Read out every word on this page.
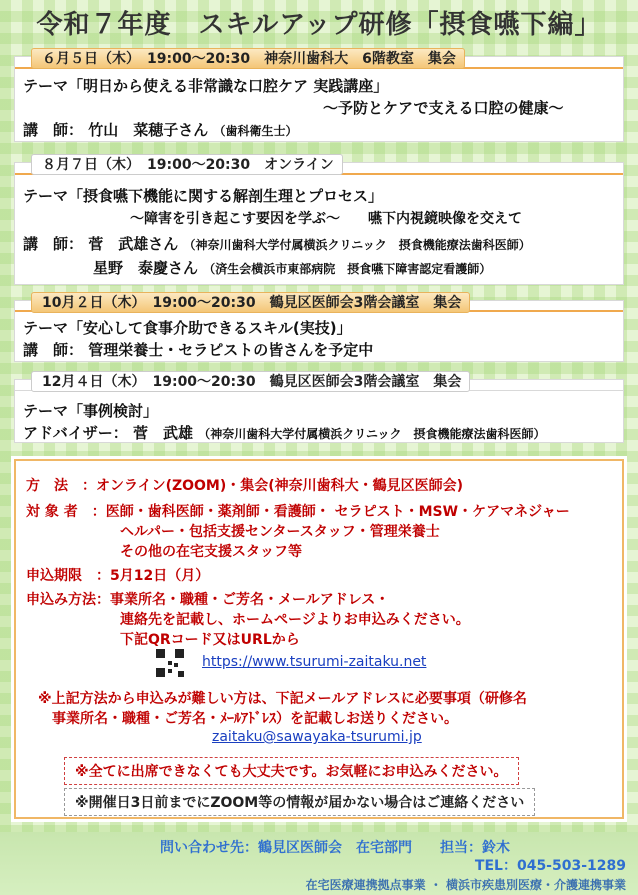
令和７年度　スキルアップ研修「摂食嚥下編」
テーマ「明日から使える非常識な口腔ケア 実践講座」
～予防とケアで支える口腔の健康～
講　師： 竹山　菜穂子さん （歯科衛生士）
６月５日（木）　19:00～20:30　神奈川歯科大　6階教室　集会
テーマ「摂食嚥下機能に関する解剖生理とプロセス」
～障害を引き起こす要因を学ぶ～　　嚥下内視鏡映像を交えて
講　師： 菅　武雄さん （神奈川歯科大学付属横浜クリニック　摂食機能療法歯科医師）
星野　泰慶さん （済生会横浜市東部病院　摂食嚥下障害認定看護師）
８月７日（木）　19:00～20:30　オンライン
テーマ「安心して食事介助できるスキル(実技)」
講　師： 管理栄養士・セラピストの皆さんを予定中
10月２日（木）　19:00～20:30　鶴見区医師会3階会議室　集会
テーマ「事例検討」
アドバイザー： 菅　武雄 （神奈川歯科大学付属横浜クリニック　摂食機能療法歯科医師）
12月４日（木）　19:00～20:30　鶴見区医師会3階会議室　集会
方　法　：オンライン(ZOOM)・集会(神奈川歯科大・鶴見区医師会)
対 象 者　：医師・歯科医師・薬剤師・看護師・ セラピスト・MSW・ケアマネジャー
ヘルパー・包括支援センタースタッフ・管理栄養士
その他の在宅支援スタッフ等
申込期限　：5月12日（月）
申込み方法：事業所名・職種・ご芳名・メールアドレス・
連絡先を記載し、ホームページよりお申込みください。
下記QRコード又はURLから
https://www.tsurumi-zaitaku.net
※上記方法から申込みが難しい方は、下記メールアドレスに必要事項（研修名
事業所名・職種・ご芳名・ﾒｰﾙｱﾄﾞﾚｽ）を記載しお送りください。
zaitaku@sawayaka-tsurumi.jp
※全てに出席できなくても大丈夫です。お気軽にお申込みください。
※開催日3日前までにZOOM等の情報が届かない場合はご連絡ください
問い合わせ先：鶴見区医師会　在宅部門　　担当：鈴木
TEL：045-503-1289
在宅医療連携拠点事業 ・ 横浜市疾患別医療・介護連携事業
